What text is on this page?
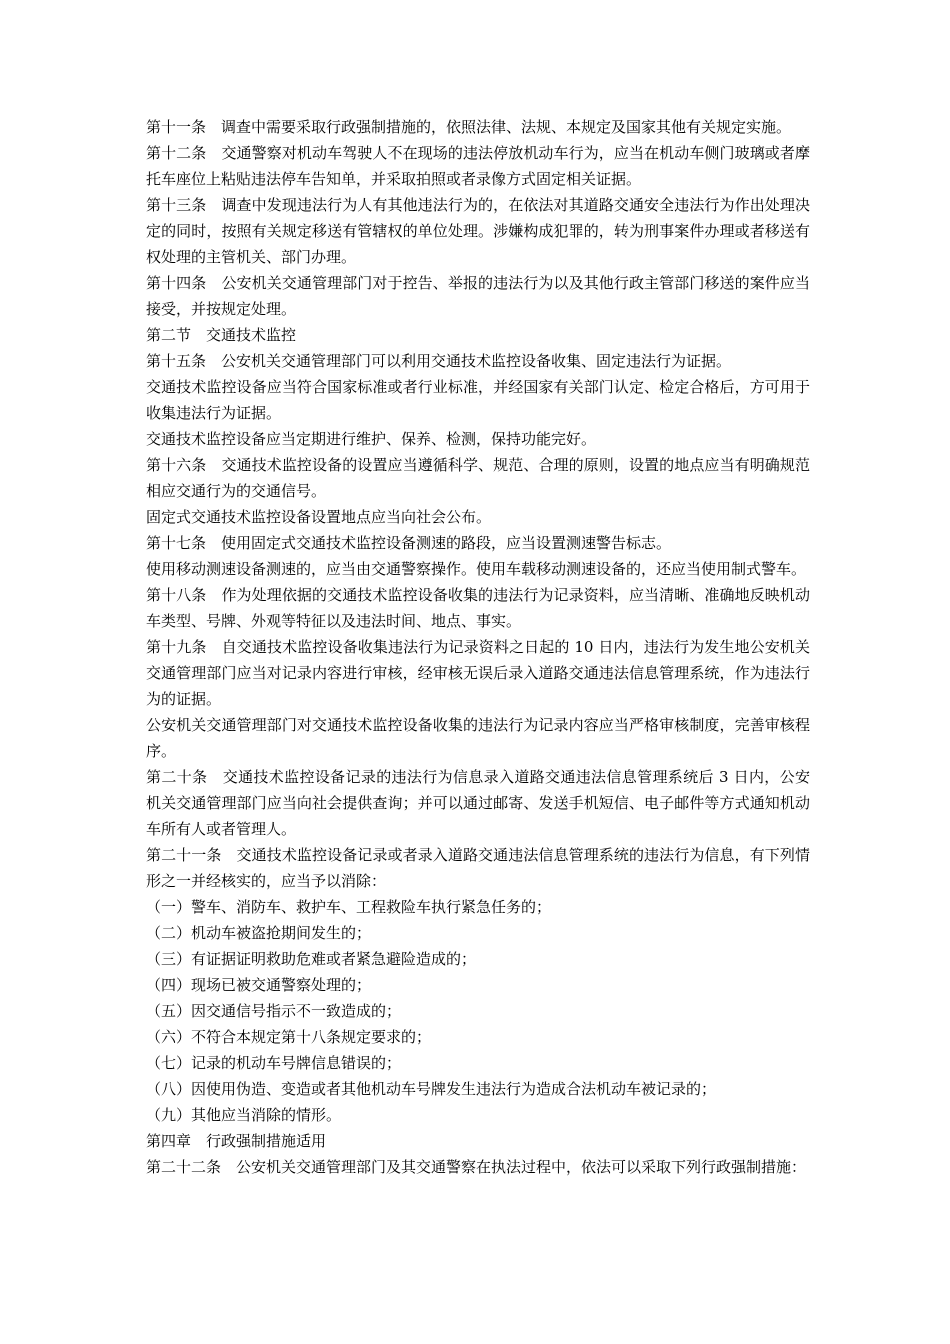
第十一条　调查中需要采取行政强制措施的，依照法律、法规、本规定及国家其他有关规定实施。

第十二条　交通警察对机动车驾驶人不在现场的违法停放机动车行为，应当在机动车侧门玻璃或者摩托车座位上粘贴违法停车告知单，并采取拍照或者录像方式固定相关证据。

第十三条　调查中发现违法行为人有其他违法行为的，在依法对其道路交通安全违法行为作出处理决定的同时，按照有关规定移送有管辖权的单位处理。涉嫌构成犯罪的，转为刑事案件办理或者移送有权处理的主管机关、部门办理。

第十四条　公安机关交通管理部门对于控告、举报的违法行为以及其他行政主管部门移送的案件应当接受，并按规定处理。

第二节　交通技术监控

第十五条　公安机关交通管理部门可以利用交通技术监控设备收集、固定违法行为证据。

交通技术监控设备应当符合国家标准或者行业标准，并经国家有关部门认定、检定合格后，方可用于收集违法行为证据。

交通技术监控设备应当定期进行维护、保养、检测，保持功能完好。

第十六条　交通技术监控设备的设置应当遵循科学、规范、合理的原则，设置的地点应当有明确规范相应交通行为的交通信号。

固定式交通技术监控设备设置地点应当向社会公布。

第十七条　使用固定式交通技术监控设备测速的路段，应当设置测速警告标志。

使用移动测速设备测速的，应当由交通警察操作。使用车载移动测速设备的，还应当使用制式警车。

第十八条　作为处理依据的交通技术监控设备收集的违法行为记录资料，应当清晰、准确地反映机动车类型、号牌、外观等特征以及违法时间、地点、事实。

第十九条　自交通技术监控设备收集违法行为记录资料之日起的 10 日内，违法行为发生地公安机关交通管理部门应当对记录内容进行审核，经审核无误后录入道路交通违法信息管理系统，作为违法行为的证据。

公安机关交通管理部门对交通技术监控设备收集的违法行为记录内容应当严格审核制度，完善审核程序。

第二十条　交通技术监控设备记录的违法行为信息录入道路交通违法信息管理系统后 3 日内，公安机关交通管理部门应当向社会提供查询；并可以通过邮寄、发送手机短信、电子邮件等方式通知机动车所有人或者管理人。

第二十一条　交通技术监控设备记录或者录入道路交通违法信息管理系统的违法行为信息，有下列情形之一并经核实的，应当予以消除：

（一）警车、消防车、救护车、工程救险车执行紧急任务的；

（二）机动车被盗抢期间发生的；

（三）有证据证明救助危难或者紧急避险造成的；

（四）现场已被交通警察处理的；

（五）因交通信号指示不一致造成的；

（六）不符合本规定第十八条规定要求的；

（七）记录的机动车号牌信息错误的；

（八）因使用伪造、变造或者其他机动车号牌发生违法行为造成合法机动车被记录的；

（九）其他应当消除的情形。

第四章　行政强制措施适用

第二十二条　公安机关交通管理部门及其交通警察在执法过程中，依法可以采取下列行政强制措施：
